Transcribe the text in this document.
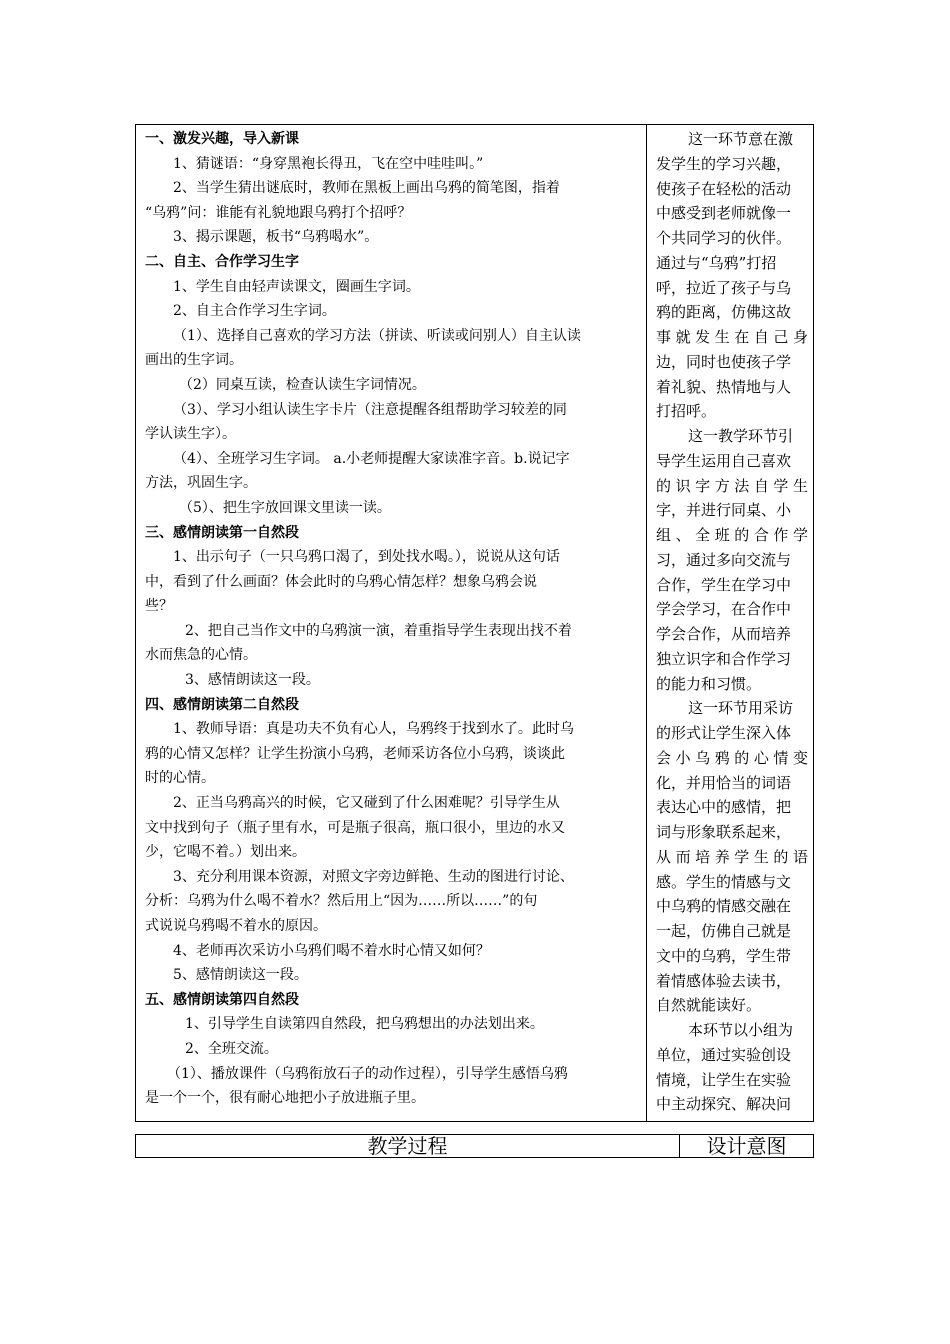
一、激发兴趣，导入新课
1、猜谜语：“身穿黑袍长得丑，飞在空中哇哇叫。”
2、当学生猜出谜底时，教师在黑板上画出乌鸦的简笔图，指着
“乌鸦”问：谁能有礼貌地跟乌鸦打个招呼？
3、揭示课题，板书“乌鸦喝水”。
二、自主、合作学习生字
1、学生自由轻声读课文，圈画生字词。
2、自主合作学习生字词。
（1）、选择自己喜欢的学习方法（拼读、听读或问别人）自主认读
画出的生字词。
（2）同桌互读，检查认读生字词情况。
（3）、学习小组认读生字卡片（注意提醒各组帮助学习较差的同
学认读生字）。
（4）、全班学习生字词。 a.小老师提醒大家读准字音。b.说记字
方法，巩固生字。
（5）、把生字放回课文里读一读。
三、感情朗读第一自然段
1、出示句子（一只乌鸦口渴了，到处找水喝。），说说从这句话
中，看到了什么画面？体会此时的乌鸦心情怎样？想象乌鸦会说
些？
2、把自己当作文中的乌鸦演一演，着重指导学生表现出找不着
水而焦急的心情。
3、感情朗读这一段。
四、感情朗读第二自然段
1、教师导语：真是功夫不负有心人，乌鸦终于找到水了。此时乌
鸦的心情又怎样？让学生扮演小乌鸦，老师采访各位小乌鸦，谈谈此
时的心情。
2、正当乌鸦高兴的时候，它又碰到了什么困难呢？引导学生从
文中找到句子（瓶子里有水，可是瓶子很高，瓶口很小，里边的水又
少，它喝不着。）划出来。
3、充分利用课本资源，对照文字旁边鲜艳、生动的图进行讨论、
分析：乌鸦为什么喝不着水？然后用上“因为……所以……”的句
式说说乌鸦喝不着水的原因。
4、老师再次采访小乌鸦们喝不着水时心情又如何？
5、感情朗读这一段。
五、感情朗读第四自然段
1、引导学生自读第四自然段，把乌鸦想出的办法划出来。
2、全班交流。
（1）、播放课件（乌鸦衔放石子的动作过程），引导学生感悟乌鸦
是一个一个，很有耐心地把小子放进瓶子里。
这一环节意在激
发学生的学习兴趣，
使孩子在轻松的活动
中感受到老师就像一
个共同学习的伙伴。
通过与“乌鸦”打招
呼，拉近了孩子与乌
鸦的距离，仿佛这故
事就发生在自己身
边，同时也使孩子学
着礼貌、热情地与人
打招呼。
这一教学环节引
导学生运用自己喜欢
的识字方法自学生
字，并进行同桌、小
组、全班的合作学
习，通过多向交流与
合作，学生在学习中
学会学习，在合作中
学会合作，从而培养
独立识字和合作学习
的能力和习惯。
这一环节用采访
的形式让学生深入体
会小乌鸦的心情变
化，并用恰当的词语
表达心中的感情，把
词与形象联系起来，
从而培养学生的语
感。学生的情感与文
中乌鸦的情感交融在
一起，仿佛自己就是
文中的乌鸦，学生带
着情感体验去读书，
自然就能读好。
本环节以小组为
单位，通过实验创设
情境，让学生在实验
中主动探究、解决问
教学过程	设计意图
